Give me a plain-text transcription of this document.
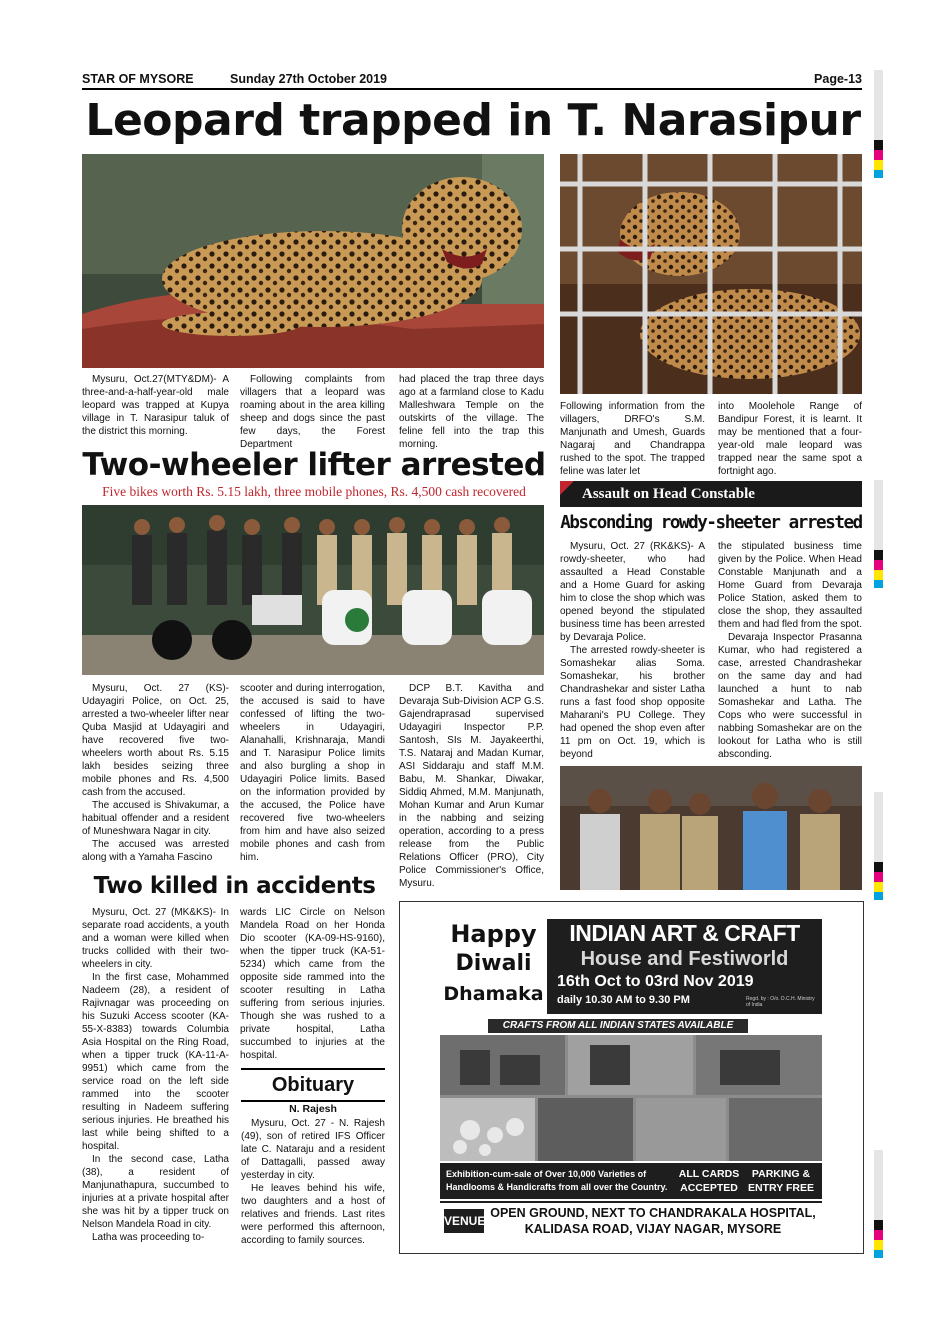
STAR OF MYSORE	Sunday 27th October 2019	Page-13
Leopard trapped in T. Narasipur

Mysuru, Oct.27(MTY&DM)- A three-and-a-half-year-old male leopard was trapped at Kupya village in T. Narasipur taluk of the district this morning.

Following complaints from villagers that a leopard was roaming about in the area killing sheep and dogs since the past few days, the Forest Department

had placed the trap three days ago at a farmland close to Kadu Malleshwara Temple on the outskirts of the village. The feline fell into the trap this morning.

Following information from the villagers, DRFO's S.M. Manjunath and Umesh, Guards Nagaraj and Chandrappa rushed to the spot. The trapped feline was later let

into Moolehole Range of Bandipur Forest, it is learnt. It may be mentioned that a four-year-old male leopard was trapped near the same spot a fortnight ago.

Two-wheeler lifter arrested
Five bikes worth Rs. 5.15 lakh, three mobile phones, Rs. 4,500 cash recovered

Mysuru, Oct. 27 (KS)- Udayagiri Police, on Oct. 25, arrested a two-wheeler lifter near Quba Masjid at Udayagiri and have recovered five two-wheelers worth about Rs. 5.15 lakh besides seizing three mobile phones and Rs. 4,500 cash from the accused.

The accused is Shivakumar, a habitual offender and a resident of Muneshwara Nagar in city.

The accused was arrested along with a Yamaha Fascino

scooter and during interrogation, the accused is said to have confessed of lifting the two-wheelers in Udayagiri, Alanahalli, Krishnaraja, Mandi and T. Narasipur Police limits and also burgling a shop in Udayagiri Police limits. Based on the information provided by the accused, the Police have recovered five two-wheelers from him and have also seized mobile phones and cash from him.

DCP B.T. Kavitha and Devaraja Sub-Division ACP G.S. Gajendraprasad supervised Udayagiri Inspector P.P. Santosh, SIs M. Jayakeerthi, T.S. Nataraj and Madan Kumar, ASI Siddaraju and staff M.M. Babu, M. Shankar, Diwakar, Siddiq Ahmed, M.M. Manjunath, Mohan Kumar and Arun Kumar in the nabbing and seizing operation, according to a press release from the Public Relations Officer (PRO), City Police Commissioner's Office, Mysuru.

Assault on Head Constable
Absconding rowdy-sheeter arrested

Mysuru, Oct. 27 (RK&KS)- A rowdy-sheeter, who had assaulted a Head Constable and a Home Guard for asking him to close the shop which was opened beyond the stipulated business time has been arrested by Devaraja Police.

The arrested rowdy-sheeter is Somashekar alias Soma. Somashekar, his brother Chandrashekar and sister Latha runs a fast food shop opposite Maharani's PU College. They had opened the shop even after 11 pm on Oct. 19, which is beyond

the stipulated business time given by the Police. When Head Constable Manjunath and a Home Guard from Devaraja Police Station, asked them to close the shop, they assaulted them and had fled from the spot.

Devaraja Inspector Prasanna Kumar, who had registered a case, arrested Chandrashekar on the same day and had launched a hunt to nab Somashekar and Latha. The Cops who were successful in nabbing Somashekar are on the lookout for Latha who is still absconding.

Two killed in accidents

Mysuru, Oct. 27 (MK&KS)- In separate road accidents, a youth and a woman were killed when trucks collided with their two-wheelers in city.

In the first case, Mohammed Nadeem (28), a resident of Rajivnagar was proceeding on his Suzuki Access scooter (KA-55-X-8383) towards Columbia Asia Hospital on the Ring Road, when a tipper truck (KA-11-A-9951) which came from the service road on the left side rammed into the scooter resulting in Nadeem suffering serious injuries. He breathed his last while being shifted to a hospital.

In the second case, Latha (38), a resident of Manjunathapura, succumbed to injuries at a private hospital after she was hit by a tipper truck on Nelson Mandela Road in city.

Latha was proceeding to-

wards LIC Circle on Nelson Mandela Road on her Honda Dio scooter (KA-09-HS-9160), when the tipper truck (KA-51-5234) which came from the opposite side rammed into the scooter resulting in Latha suffering from serious injuries. Though she was rushed to a private hospital, Latha succumbed to injuries at the hospital.

Obituary
N. Rajesh

Mysuru, Oct. 27 - N. Rajesh (49), son of retired IFS Officer late C. Nataraju and a resident of Dattagalli, passed away yesterday in city.

He leaves behind his wife, two daughters and a host of relatives and friends. Last rites were performed this afternoon, according to family sources.

Happy
Diwali
Dhamaka
INDIAN ART & CRAFT
House and Festiworld
16th Oct to 03rd Nov 2019
daily 10.30 AM to 9.30 PM	Regd. by : O/o. D.C.H. Ministry of India
CRAFTS FROM ALL INDIAN STATES AVAILABLE
Exhibition-cum-sale of Over 10,000 Varieties of
Handlooms & Handicrafts from all over the Country.
ALL CARDS
ACCEPTED
PARKING &
ENTRY FREE
VENUE
OPEN GROUND, NEXT TO CHANDRAKALA HOSPITAL,
KALIDASA ROAD, VIJAY NAGAR, MYSORE
